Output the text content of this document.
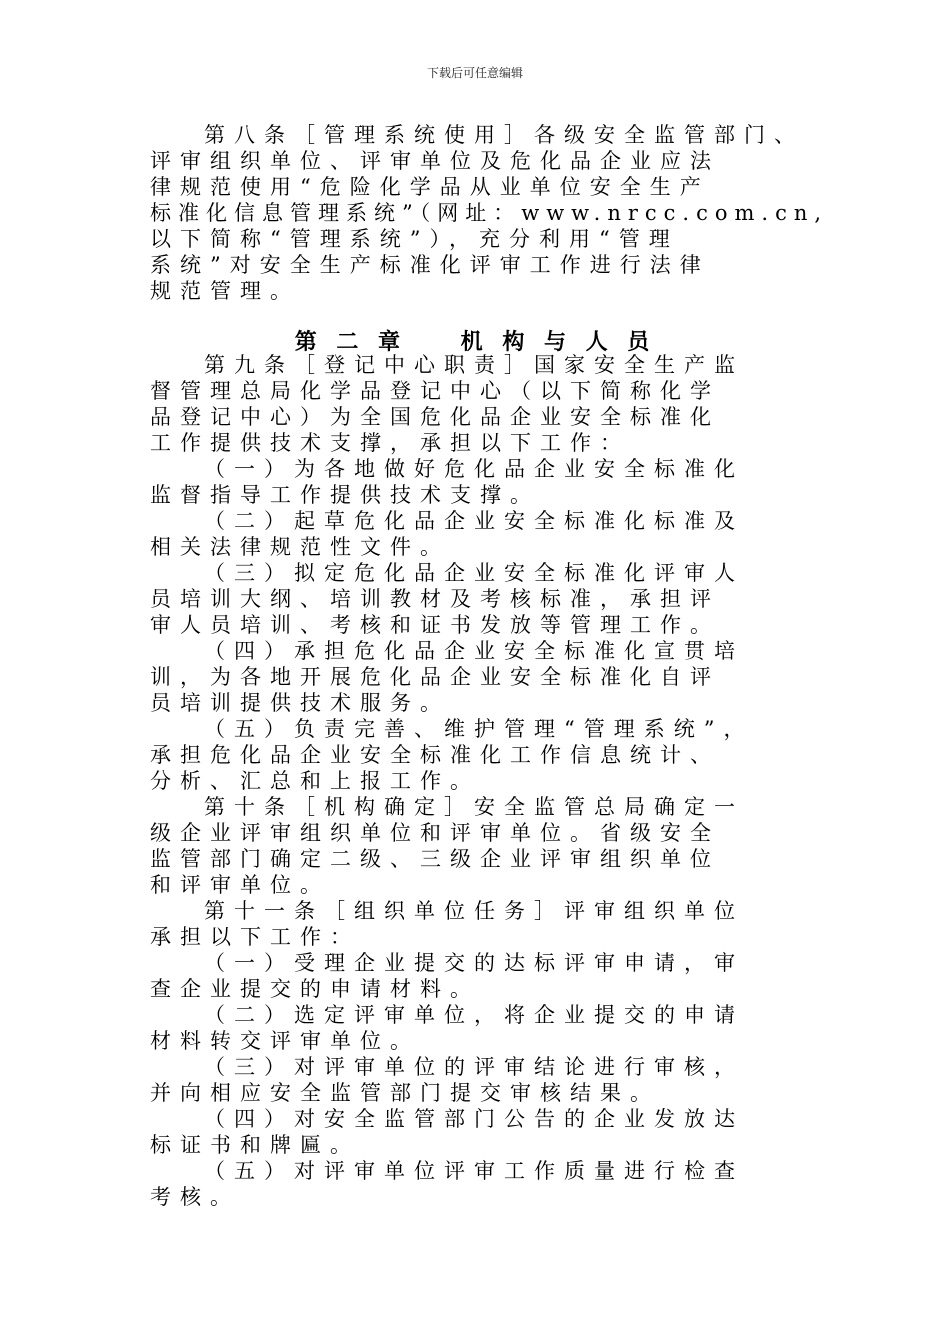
下载后可任意编辑
第八条［管理系统使用］各级安全监管部门、
评审组织单位、评审单位及危化品企业应法
律规范使用“危险化学品从业单位安全生产
标准化信息管理系统”（网址：www.nrcc.com.cn,
以下简称“管理系统”），充分利用“管理
系统”对安全生产标准化评审工作进行法律
规范管理。
第 二 章    机 构 与 人 员
第九条［登记中心职责］国家安全生产监
督管理总局化学品登记中心（以下简称化学
品登记中心）为全国危化品企业安全标准化
工作提供技术支撑，承担以下工作：
（一）为各地做好危化品企业安全标准化
监督指导工作提供技术支撑。
（二）起草危化品企业安全标准化标准及
相关法律规范性文件。
（三）拟定危化品企业安全标准化评审人
员培训大纲、培训教材及考核标准，承担评
审人员培训、考核和证书发放等管理工作。
（四）承担危化品企业安全标准化宣贯培
训，为各地开展危化品企业安全标准化自评
员培训提供技术服务。
（五）负责完善、维护管理“管理系统”，
承担危化品企业安全标准化工作信息统计、
分析、汇总和上报工作。
第十条［机构确定］安全监管总局确定一
级企业评审组织单位和评审单位。省级安全
监管部门确定二级、三级企业评审组织单位
和评审单位。
第十一条［组织单位任务］评审组织单位
承担以下工作：
（一）受理企业提交的达标评审申请，审
查企业提交的申请材料。
（二）选定评审单位，将企业提交的申请
材料转交评审单位。
（三）对评审单位的评审结论进行审核，
并向相应安全监管部门提交审核结果。
（四）对安全监管部门公告的企业发放达
标证书和牌匾。
（五）对评审单位评审工作质量进行检查
考核。
